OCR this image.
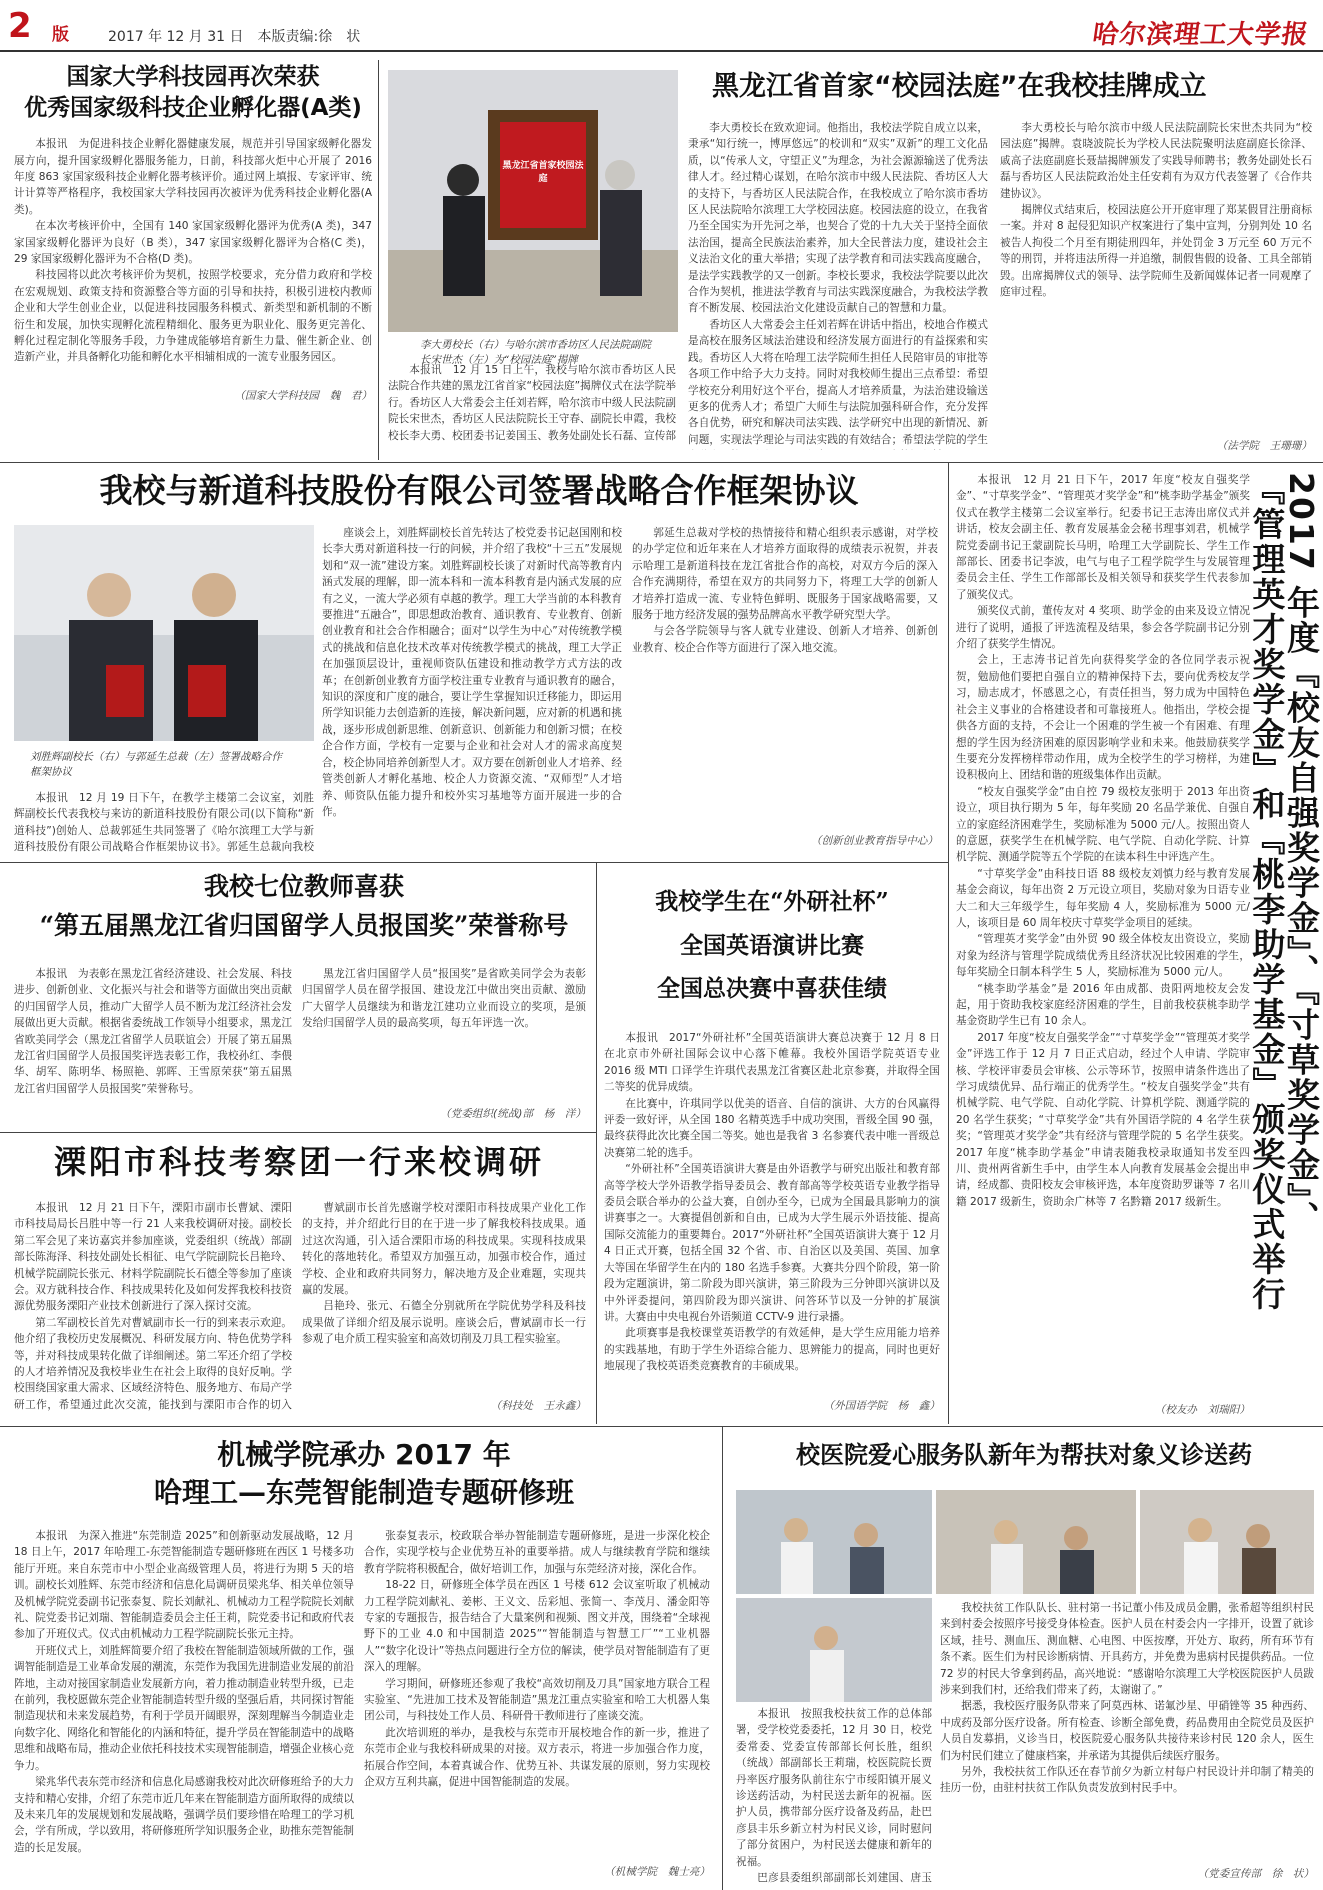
2 版	2017 年 12 月 31 日　本版责编:徐　状	哈尔滨理工大学报
国家大学科技园再次荣获
优秀国家级科技企业孵化器(A类)

本报讯　为促进科技企业孵化器健康发展，规范并引导国家级孵化器发展方向，提升国家级孵化器服务能力，日前，科技部火炬中心开展了 2016 年度 863 家国家级科技企业孵化器考核评价。通过网上填报、专家评审、统计计算等严格程序，我校国家大学科技园再次被评为优秀科技企业孵化器(A 类)。

在本次考核评价中，全国有 140 家国家级孵化器评为优秀(A 类)，347 家国家级孵化器评为良好（B 类），347 家国家级孵化器评为合格(C 类)，29 家国家级孵化器评为不合格(D 类)。

科技园将以此次考核评价为契机，按照学校要求，充分借力政府和学校在宏观规划、政策支持和资源整合等方面的引导和扶持，积极引进校内教师企业和大学生创业企业，以促进科技园服务科模式、新类型和新机制的不断衍生和发展，加快实现孵化流程精细化、服务更为职业化、服务更完善化、孵化过程定制化等服务手段，力争建成能够培育新生力量、催生新企业、创造新产业，并具备孵化功能和孵化水平相辅相成的一流专业服务园区。

（国家大学科技园　魏　君）

黑龙江省首家校园法庭
李大勇校长（右）与哈尔滨市香坊区人民法院副院长宋世杰（左）为“校园法庭”揭牌
黑龙江省首家“校园法庭”在我校挂牌成立

本报讯　12 月 15 日上午，我校与哈尔滨市香坊区人民法院合作共建的黑龙江省首家“校园法庭”揭牌仪式在法学院举行。香坊区人大常委会主任刘若辉，哈尔滨市中级人民法院副院长宋世杰，香坊区人民法院院长王守春、副院长申霞，我校校长李大勇、校团委书记姜国玉、教务处副处长石磊、宣传部

李大勇校长在致欢迎词。他指出，我校法学院自成立以来，秉承“知行统一，博厚悠远”的校训和“双实”双新”的理工文化品质，以“传承人文，守望正义”为理念，为社会源源输送了优秀法律人才。经过精心谋划，在哈尔滨市中级人民法院、香坊区人大的支持下，与香坊区人民法院合作，在我校成立了哈尔滨市香坊区人民法院哈尔滨理工大学校园法庭。校园法庭的设立，在我省乃至全国实为开先河之举，也契合了党的十九大关于坚持全面依法治国，提高全民族法治素养，加大全民普法力度，建设社会主义法治文化的重大举措；实现了法学教育和司法实践高度融合，是法学实践教学的又一创新。李校长要求，我校法学院要以此次合作为契机，推进法学教育与司法实践深度融合，为我校法学教育不断发展、校园法治文化建设贡献自己的智慧和力量。

香坊区人大常委会主任刘若辉在讲话中指出，校地合作模式是高校在服务区域法治建设和经济发展方面进行的有益探索和实践。香坊区人大将在哈理工法学院师生担任人民陪审员的审批等各项工作中给予大力支持。同时对我校师生提出三点希望：希望学校充分利用好这个平台，提高人才培养质量，为法治建设输送更多的优秀人才；希望广大师生与法院加强科研合作，充分发挥各自优势，研究和解决司法实践、法学研究中出现的新情况、新问题，实现法学理论与司法实践的有效结合；希望法学院的学生

李大勇校长与哈尔滨市中级人民法院副院长宋世杰共同为“校园法庭”揭牌。袁晓波院长为学校人民法院聚明法庭副庭长徐泽、戚高子法庭副庭长聂喆揭牌颁发了实践导师聘书；教务处副处长石磊与香坊区人民法院政治处主任安莉有为双方代表签署了《合作共建协议》。

揭牌仪式结束后，校园法庭公开开庭审理了郑某假冒注册商标一案。并对 8 起侵犯知识产权案进行了集中宣判，分别判处 10 名被告人拘役二个月至有期徒刑四年，并处罚金 3 万元至 60 万元不等的刑罚，并将违法所得一并追缴，制假售假的设备、工具全部销毁。出席揭牌仪式的领导、法学院师生及新闻媒体记者一同观摩了庭审过程。

（法学院　王珊珊）

我校与新道科技股份有限公司签署战略合作框架协议
刘胜辉副校长（右）与郭延生总裁（左）签署战略合作框架协议

本报讯　12 月 19 日下午，在教学主楼第二会议室，刘胜辉副校长代表我校与来访的新道科技股份有限公司(以下简称“新道科技”)创始人、总裁郭延生共同签署了《哈尔滨理工大学与新道科技股份有限公司战略合作框架协议书》。郭延生总裁向我校

座谈会上，刘胜辉副校长首先转达了校党委书记赵国刚和校长李大勇对新道科技一行的问候，并介绍了我校“十三五”发展规划和“双一流”建设方案。刘胜辉副校长谈了对新时代高等教育内涵式发展的理解，即一流本科和一流本科教育是内涵式发展的应有之义，一流大学必须有卓越的教学。理工大学当前的本科教育要推进“五融合”，即思想政治教育、通识教育、专业教育、创新创业教育和社会合作相融合；面对“以学生为中心”对传统教学模式的挑战和信息化技术改革对传统教学模式的挑战，理工大学正在加强顶层设计，重视师资队伍建设和推动教学方式方法的改革；在创新创业教育方面学校注重专业教育与通识教育的融合，知识的深度和广度的融合，要让学生掌握知识迁移能力，即运用所学知识能力去创造新的连接，解决新问题，应对新的机遇和挑战，逐步形成创新思维、创新意识、创新能力和创新习惯；在校企合作方面，学校有一定要与企业和社会对人才的需求高度契合，校企协同培养创新型人才。双方要在创新创业人才培养、经管类创新人才孵化基地、校企人力资源交流、“双师型”人才培养、师资队伍能力提升和校外实习基地等方面开展进一步的合作。

郭延生总裁对学校的热情接待和精心组织表示感谢，对学校的办学定位和近年来在人才培养方面取得的成绩表示祝贺，并表示哈理工是新道科技在龙江省批合作的高校，对双方今后的深入合作充满期待，希望在双方的共同努力下，将理工大学的创新人才培养打造成一流、专业特色鲜明、既服务于国家战略需要，又服务于地方经济发展的强势品牌高水平教学研究型大学。

与会各学院领导与客人就专业建设、创新人才培养、创新创业教育、校企合作等方面进行了深入地交流。

（创新创业教育指导中心）

我校七位教师喜获
“第五届黑龙江省归国留学人员报国奖”荣誉称号

本报讯　为表彰在黑龙江省经济建设、社会发展、科技进步、创新创业、文化振兴与社会和谐等方面做出突出贡献的归国留学人员，推动广大留学人员不断为龙江经济社会发展做出更大贡献。根据省委统战工作领导小组要求，黑龙江省欧美同学会（黑龙江省留学人员联谊会）开展了第五届黑龙江省归国留学人员报国奖评选表彰工作，我校孙红、李偎华、胡军、陈明华、杨照艳、郭晖、王雪原荣获“第五届黑龙江省归国留学人员报国奖”荣誉称号。

黑龙江省归国留学人员“报国奖”是省欧美同学会为表彰归国留学人员在留学报国、建设龙江中做出突出贡献、激励广大留学人员继续为和谐龙江建功立业而设立的奖项，是颁发给归国留学人员的最高奖项，每五年评选一次。

（党委组织(统战)部　杨　洋）

溧阳市科技考察团一行来校调研

本报讯　12 月 21 日下午，溧阳市副市长曹斌、溧阳市科技局局长吕胜中等一行 21 人来我校调研对接。副校长第二军会见了来访嘉宾并参加座谈，党委组织（统战）部副部长陈海泽、科技处副处长相征、电气学院副院长吕艳玲、机械学院副院长张元、材料学院副院长石德全等参加了座谈会。双方就科技合作、科技成果转化及如何发挥我校科技资源优势服务溧阳产业技术创新进行了深入探讨交流。

第二军副校长首先对曹斌副市长一行的到来表示欢迎。他介绍了我校历史发展概况、科研发展方向、特色优势学科等，并对科技成果转化做了详细阐述。第二军还介绍了学校的人才培养情况及我校毕业生在社会上取得的良好反响。学校围绕国家重大需求、区域经济特色、服务地方、布局产学研工作，希望通过此次交流，能找到与溧阳市合作的切入

曹斌副市长首先感谢学校对溧阳市科技成果产业化工作的支持，并介绍此行目的在于进一步了解我校科技成果。通过这次沟通，引入适合溧阳市场的科技成果。实现科技成果转化的落地转化。希望双方加强互动，加强市校合作，通过学校、企业和政府共同努力，解决地方及企业难题，实现共赢的发展。

吕艳玲、张元、石德全分别就所在学院优势学科及科技成果做了详细介绍及展示说明。座谈会后，曹斌副市长一行参观了电介质工程实验室和高效切削及刀具工程实验室。

（科技处　王永鑫）

我校学生在“外研社杯”
全国英语演讲比赛
全国总决赛中喜获佳绩

本报讯　2017“外研社杯”全国英语演讲大赛总决赛于 12 月 8 日在北京市外研社国际会议中心落下帷幕。我校外国语学院英语专业 2016 级 MTI 口译学生许琪代表黑龙江省赛区赴北京参赛，并取得全国二等奖的优异成绩。

在比赛中，许琪同学以优美的语音、自信的演讲、大方的台风赢得评委一致好评，从全国 180 名精英选手中成功突围，晋级全国 90 强，最终获得此次比赛全国二等奖。她也是我省 3 名参赛代表中唯一晋级总决赛第二轮的选手。

“外研社杯”全国英语演讲大赛是由外语教学与研究出版社和教育部高等学校大学外语教学指导委员会、教育部高等学校英语专业教学指导委员会联合举办的公益大赛，自创办至今，已成为全国最具影响力的演讲赛事之一。大赛提倡创新和自由，已成为大学生展示外语技能、提高国际交流能力的重要舞台。2017“外研社杯”全国英语演讲大赛于 12 月 4 日正式开赛，包括全国 32 个省、市、自治区以及美国、英国、加拿大等国在华留学生在内的 180 名选手参赛。大赛共分四个阶段，第一阶段为定题演讲，第二阶段为即兴演讲，第三阶段为三分钟即兴演讲以及中外评委提问，第四阶段为即兴演讲、问答环节以及一分钟的扩展演讲。大赛由中央电视台外语频道 CCTV-9 进行录播。

此项赛事是我校课堂英语教学的有效延伸，是大学生应用能力培养的实践基地，有助于学生外语综合能力、思辨能力的提高，同时也更好地展现了我校英语类竞赛教育的丰硕成果。

（外国语学院　杨　鑫）

本报讯　12 月 21 日下午，2017 年度“校友自强奖学金”、“寸草奖学金”、“管理英才奖学金”和“桃李助学基金”颁奖仪式在教学主楼第二会议室举行。纪委书记王志涛出席仪式并讲话，校友会副主任、教育发展基金会秘书理事刘君，机械学院党委副书记王蒙副院长马明，哈理工大学副院长、学生工作部部长、团委书记李波，电气与电子工程学院学生与发展管理委员会主任、学生工作部部长及相关领导和获奖学生代表参加了颁奖仪式。

颁奖仪式前，董传友对 4 奖项、助学金的由来及设立情况进行了说明，通报了评选流程及结果，参会各学院副书记分别介绍了获奖学生情况。

会上，王志涛书记首先向获得奖学金的各位同学表示祝贺，勉励他们要把自强自立的精神保持下去，要向优秀校友学习，励志成才，怀感恩之心，有责任担当，努力成为中国特色社会主义事业的合格建设者和可靠接班人。他指出，学校会提供各方面的支持，不会让一个困难的学生被一个有困难、有理想的学生因为经济困难的原因影响学业和未来。他鼓励获奖学生要充分发挥榜样带动作用，成为全校学生的学习榜样，为建设积极向上、团结和谐的班级集体作出贡献。

“校友自强奖学金”由自控 79 级校友张明于 2013 年出资设立，项目执行期为 5 年，每年奖励 20 名品学兼优、自强自立的家庭经济困难学生，奖励标准为 5000 元/人。按照出资人的意愿，获奖学生在机械学院、电气学院、自动化学院、计算机学院、测通学院等五个学院的在读本科生中评选产生。

“寸草奖学金”由科技日语 88 级校友刘慎力经与教育发展基金会商议，每年出资 2 万元设立项目，奖励对象为日语专业大二和大三年级学生，每年奖励 4 人，奖励标准为 5000 元/人，该项目是 60 周年校庆寸草奖学金项目的延续。

“管理英才奖学金”由外贸 90 级全体校友出资设立，奖励对象为经济与管理学院成绩优秀且经济状况比较困难的学生，每年奖励全日制本科学生 5 人，奖励标准为 5000 元/人。

“桃李助学基金”是 2016 年由成都、贵阳两地校友会发起，用于资助我校家庭经济困难的学生，目前我校获桃李助学基金资助学生已有 10 余人。

2017 年度“校友自强奖学金”“寸草奖学金”“管理英才奖学金”评选工作于 12 月 7 日正式启动，经过个人申请、学院审核、学校评审委员会审核、公示等环节，按照申请条件选出了学习成绩优异、品行端正的优秀学生。“校友自强奖学金”共有机械学院、电气学院、自动化学院、计算机学院、测通学院的 20 名学生获奖；“寸草奖学金”共有外国语学院的 4 名学生获奖；“管理英才奖学金”共有经济与管理学院的 5 名学生获奖。2017 年度“桃李助学基金”申请表随我校录取通知书发至四川、贵州两省新生手中，由学生本人向教育发展基金会提出申请，经成都、贵阳校友会审核评选，本年度资助罗谦等 7 名川籍 2017 级新生，资助余广林等 7 名黔籍 2017 级新生。

（校友办　刘瑞阳）

2017 年度『校友自强奖学金』、『寸草奖学金』、
『管理英才奖学金』和『桃李助学基金』颁奖仪式举行
机械学院承办 2017 年
哈理工—东莞智能制造专题研修班

本报讯　为深入推进“东莞制造 2025”和创新驱动发展战略，12 月 18 日上午，2017 年哈理工-东莞智能制造专题研修班在西区 1 号楼多功能厅开班。来自东莞市中小型企业高级管理人员，将进行为期 5 天的培训。副校长刘胜辉、东莞市经济和信息化局调研员梁兆华、相关单位领导及机械学院党委副书记张泰复、院长刘献礼、机械动力工程学院院长刘献礼、院党委书记刘瑞、智能制造委员会主任王莉，院党委书记和政府代表参加了开班仪式。仪式由机械动力工程学院副院长张元主持。

开班仪式上，刘胜辉简要介绍了我校在智能制造领域所做的工作，强调智能制造是工业革命发展的潮流，东莞作为我国先进制造业发展的前沿阵地，主动对接国家制造业发展新方向，着力推动制造业转型升级，已走在前列，我校愿做东莞企业智能制造转型升级的坚强后盾，共同探讨智能制造现状和未来发展趋势，有利于学员开阔眼界，深刻理解当今制造业走向数字化、网络化和智能化的内涵和特征，提升学员在智能制造中的战略思维和战略布局，推动企业依托科技技术实现智能制造，增强企业核心竞争力。

梁兆华代表东莞市经济和信息化局感谢我校对此次研修班给予的大力支持和精心安排，介绍了东莞市近几年来在智能制造方面所取得的成绩以及未来几年的发展规划和发展战略，强调学员们要珍惜在哈理工的学习机会，学有所成，学以致用，将研修班所学知识服务企业，助推东莞智能制造的长足发展。

张泰复表示，校政联合举办智能制造专题研修班，是进一步深化校企合作，实现学校与企业优势互补的重要举措。成人与继续教育学院和继续教育学院将积极配合，做好培训工作，加强与东莞经济对接，深化合作。

18-22 日，研修班全体学员在西区 1 号楼 612 会议室听取了机械动力工程学院刘献礼、姜彬、王义文、岳彩旭、张简一、李茂月、潘金阳等专家的专题报告，报告结合了大量案例和视频、图文并茂，围绕着“全球视野下的工业 4.0 和中国制造 2025”“智能制造与智慧工厂”“工业机器人”“数字化设计”等热点问题进行全方位的解读，使学员对智能制造有了更深入的理解。

学习期间，研修班还参观了我校“高效切削及刀具”国家地方联合工程实验室、“先进加工技术及智能制造”黑龙江重点实验室和哈工大机器人集团公司，与科技处工作人员、科研骨干教师进行了座谈交流。

此次培训班的举办，是我校与东莞市开展校地合作的新一步，推进了东莞市企业与我校科研成果的对接。双方表示，将进一步加强合作力度，拓展合作空间，本着真诚合作、优势互补、共谋发展的原则，努力实现校企双方互利共赢，促进中国智能制造的发展。

（机械学院　魏士亮）

校医院爱心服务队新年为帮扶对象义诊送药

本报讯　按照我校扶贫工作的总体部署，受学校党委委托，12 月 30 日，校党委常委、党委宣传部部长何长胜，组织（统战）部副部长王莉瑞，校医院院长贾丹率医疗服务队前往东宁市绥阳镇开展义诊送药活动，为村民送去新年的祝福。医护人员，携带部分医疗设备及药品，赴巴彦县丰乐乡新立村为村民义诊，同时慰问了部分贫困户，为村民送去健康和新年的祝福。

巴彦县委组织部副部长刘建国、唐玉

我校扶贫工作队队长、驻村第一书记董小伟及成员金鹏，张希超等组织村民来到村委会按照序号接受身体检查。医护人员在村委会内一字排开，设置了就诊区域，挂号、测血压、测血糖、心电图、中医按摩，开处方、取药，所有环节有条不紊。医生们为村民诊断病情、开具药方，并免费为患病村民提供药品。一位 72 岁的村民大爷拿到药品，高兴地说：“感谢哈尔滨理工大学校医院医护人员跋涉来到我们村，还给我们带来了药，太谢谢了。”

据悉，我校医疗服务队带来了阿莫西林、诺氟沙星、甲硝锉等 35 种西药、中成药及部分医疗设备。所有检查、诊断全部免费，药品费用由全院党员及医护人员自发募捐，义诊当日，校医院爱心服务队共接待来诊村民 120 余人，医生们为村民们建立了健康档案，并承诺为其提供后续医疗服务。

另外，我校扶贫工作队还在春节前夕为新立村每户村民设计并印制了精美的挂历一份，由驻村扶贫工作队负责发放到村民手中。

（党委宣传部　徐　状）
